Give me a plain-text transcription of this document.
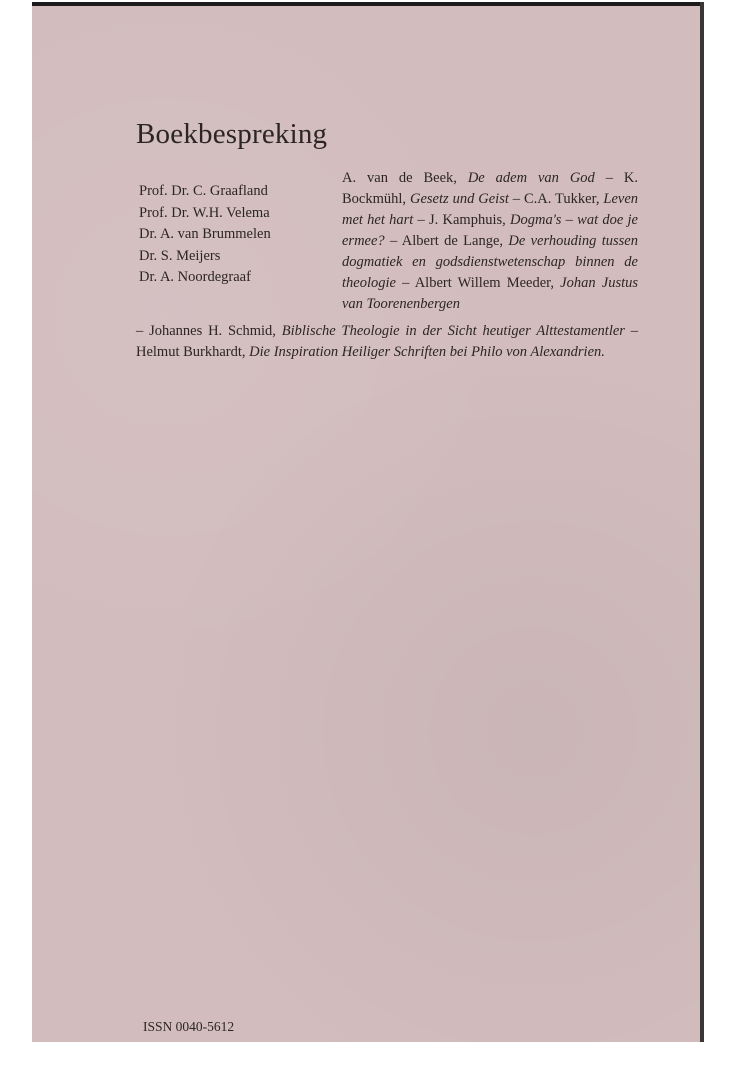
Boekbespreking
Prof. Dr. C. Graafland
Prof. Dr. W.H. Velema
Dr. A. van Brummelen
Dr. S. Meijers
Dr. A. Noordegraaf

A. van de Beek, De adem van God – K. Bockmühl, Gesetz und Geist – C.A. Tukker, Leven met het hart – J. Kamphuis, Dogma's – wat doe je ermee? – Albert de Lange, De verhouding tussen dogmatiek en godsdienstwetenschap binnen de theologie – Albert Willem Meeder, Johan Justus van Toorenenbergen

– Johannes H. Schmid, Biblische Theologie in der Sicht heutiger Alttestamentler – Helmut Burkhardt, Die Inspiration Heiliger Schriften bei Philo von Alexandrien.

ISSN 0040-5612
